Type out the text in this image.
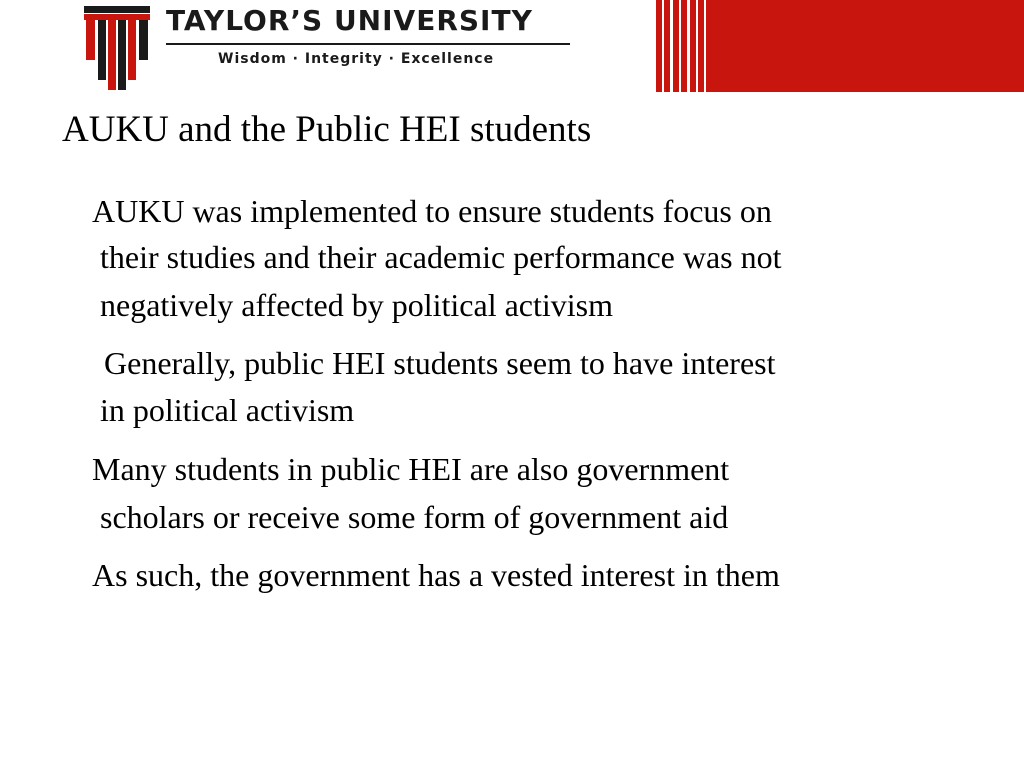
TAYLOR’S UNIVERSITY
Wisdom · Integrity · Excellence
AUKU and the Public HEI students
AUKU was implemented to ensure students focus on
their studies and their academic performance was not
negatively affected by political activism
Generally, public HEI students seem to have interest
in political activism
Many students in public HEI are also government
scholars or receive some form of government aid
As such, the government has a vested interest in them
